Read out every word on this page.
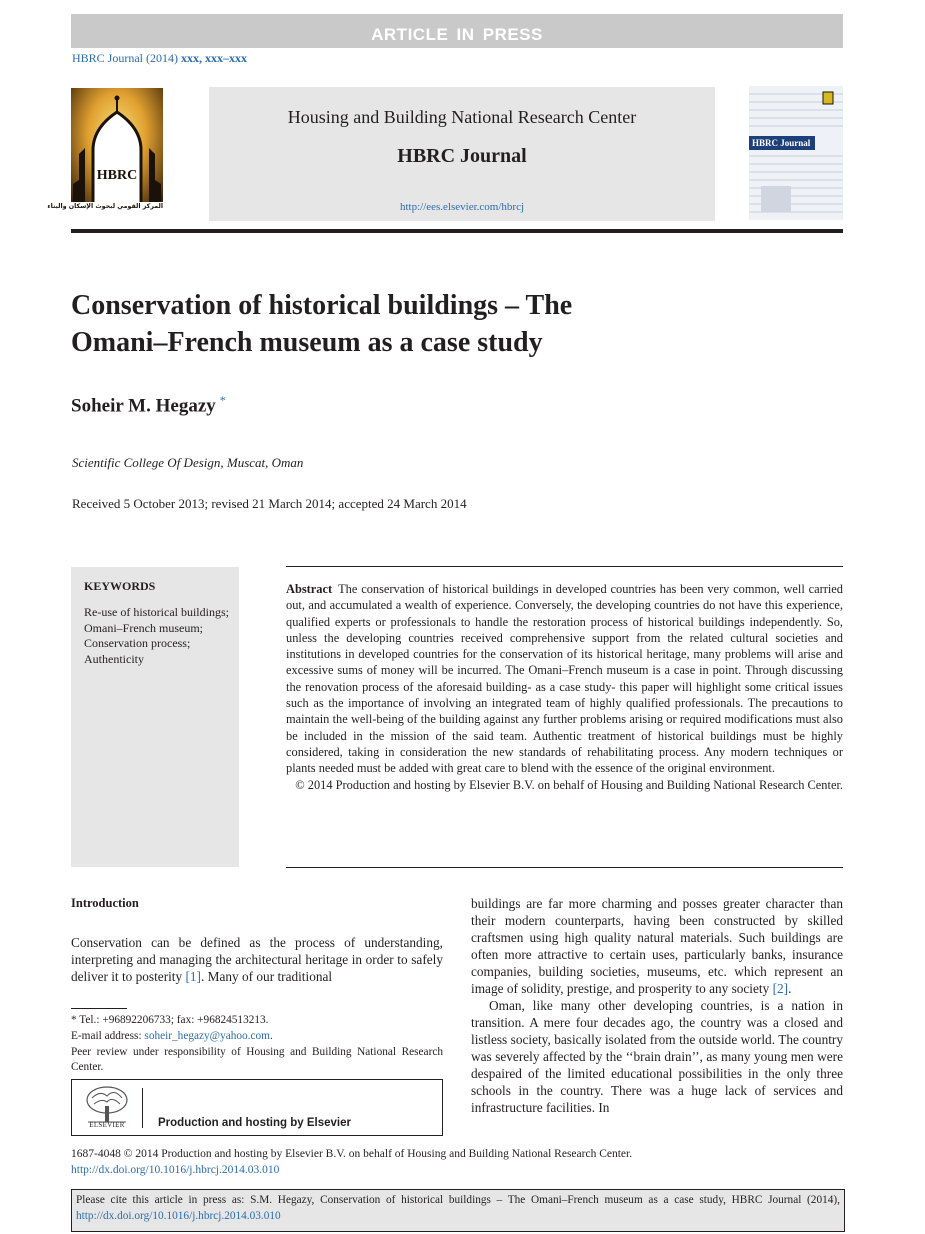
ARTICLE IN PRESS
HBRC Journal (2014) xxx, xxx–xxx
HBRC
المركز القومي لبحوث الإسكان والبناء
Housing and Building National Research Center
HBRC Journal
http://ees.elsevier.com/hbrcj
HBRC Journal
Conservation of historical buildings – The
Omani–French museum as a case study
Soheir M. Hegazy *
Scientific College Of Design, Muscat, Oman
Received 5 October 2013; revised 21 March 2014; accepted 24 March 2014
KEYWORDS
Re-use of historical buildings;
Omani–French museum;
Conservation process;
Authenticity

Abstract The conservation of historical buildings in developed countries has been very common, well carried out, and accumulated a wealth of experience. Conversely, the developing countries do not have this experience, qualified experts or professionals to handle the restoration process of historical buildings independently. So, unless the developing countries received comprehensive support from the related cultural societies and institutions in developed countries for the conservation of its historical heritage, many problems will arise and excessive sums of money will be incurred. The Omani–French museum is a case in point. Through discussing the renovation process of the aforesaid building- as a case study- this paper will highlight some critical issues such as the importance of involving an integrated team of highly qualified professionals. The precautions to maintain the well-being of the building against any further problems arising or required modifications must also be included in the mission of the said team. Authentic treatment of historical buildings must be highly considered, taking in consideration the new standards of rehabilitating process. Any modern techniques or plants needed must be added with great care to blend with the essence of the original environment.

© 2014 Production and hosting by Elsevier B.V. on behalf of Housing and Building National Research Center.

Introduction
Conservation can be defined as the process of understanding, interpreting and managing the architectural heritage in order to safely deliver it to posterity [1]. Many of our traditional

buildings are far more charming and posses greater character than their modern counterparts, having been constructed by skilled craftsmen using high quality natural materials. Such buildings are often more attractive to certain uses, particularly banks, insurance companies, building societies, museums, etc. which represent an image of solidity, prestige, and prosperity to any society [2].

Oman, like many other developing countries, is a nation in transition. A mere four decades ago, the country was a closed and listless society, basically isolated from the outside world. The country was severely affected by the ‘‘brain drain’’, as many young men were despaired of the limited educational possibilities in the only three schools in the country. There was a huge lack of services and infrastructure facilities. In

* Tel.: +96892206733; fax: +96824513213.

E-mail address: soheir_hegazy@yahoo.com.

Peer review under responsibility of Housing and Building National Research Center.

ELSEVIER	Production and hosting by Elsevier
1687-4048 © 2014 Production and hosting by Elsevier B.V. on behalf of Housing and Building National Research Center.
http://dx.doi.org/10.1016/j.hbrcj.2014.03.010
Please cite this article in press as: S.M. Hegazy, Conservation of historical buildings – The Omani–French museum as a case study, HBRC Journal (2014), http://dx.doi.org/10.1016/j.hbrcj.2014.03.010
